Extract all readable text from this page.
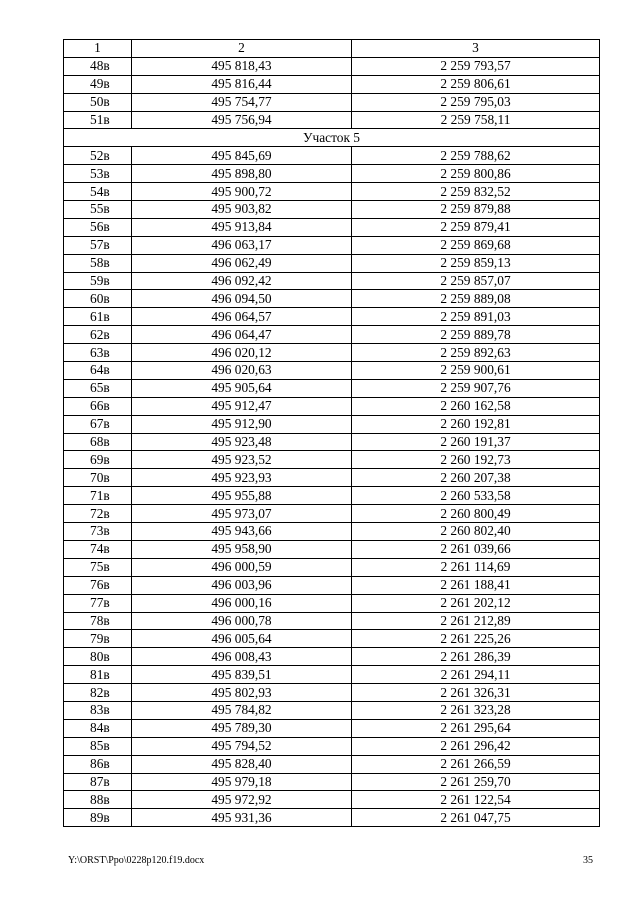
1	2	3
48в	495 818,43	2 259 793,57
49в	495 816,44	2 259 806,61
50в	495 754,77	2 259 795,03
51в	495 756,94	2 259 758,11
Участок 5		
52в	495 845,69	2 259 788,62
53в	495 898,80	2 259 800,86
54в	495 900,72	2 259 832,52
55в	495 903,82	2 259 879,88
56в	495 913,84	2 259 879,41
57в	496 063,17	2 259 869,68
58в	496 062,49	2 259 859,13
59в	496 092,42	2 259 857,07
60в	496 094,50	2 259 889,08
61в	496 064,57	2 259 891,03
62в	496 064,47	2 259 889,78
63в	496 020,12	2 259 892,63
64в	496 020,63	2 259 900,61
65в	495 905,64	2 259 907,76
66в	495 912,47	2 260 162,58
67в	495 912,90	2 260 192,81
68в	495 923,48	2 260 191,37
69в	495 923,52	2 260 192,73
70в	495 923,93	2 260 207,38
71в	495 955,88	2 260 533,58
72в	495 973,07	2 260 800,49
73в	495 943,66	2 260 802,40
74в	495 958,90	2 261 039,66
75в	496 000,59	2 261 114,69
76в	496 003,96	2 261 188,41
77в	496 000,16	2 261 202,12
78в	496 000,78	2 261 212,89
79в	496 005,64	2 261 225,26
80в	496 008,43	2 261 286,39
81в	495 839,51	2 261 294,11
82в	495 802,93	2 261 326,31
83в	495 784,82	2 261 323,28
84в	495 789,30	2 261 295,64
85в	495 794,52	2 261 296,42
86в	495 828,40	2 261 266,59
87в	495 979,18	2 261 259,70
88в	495 972,92	2 261 122,54
89в	495 931,36	2 261 047,75
Y:\ORST\Ppo\0228p120.f19.docx	35
